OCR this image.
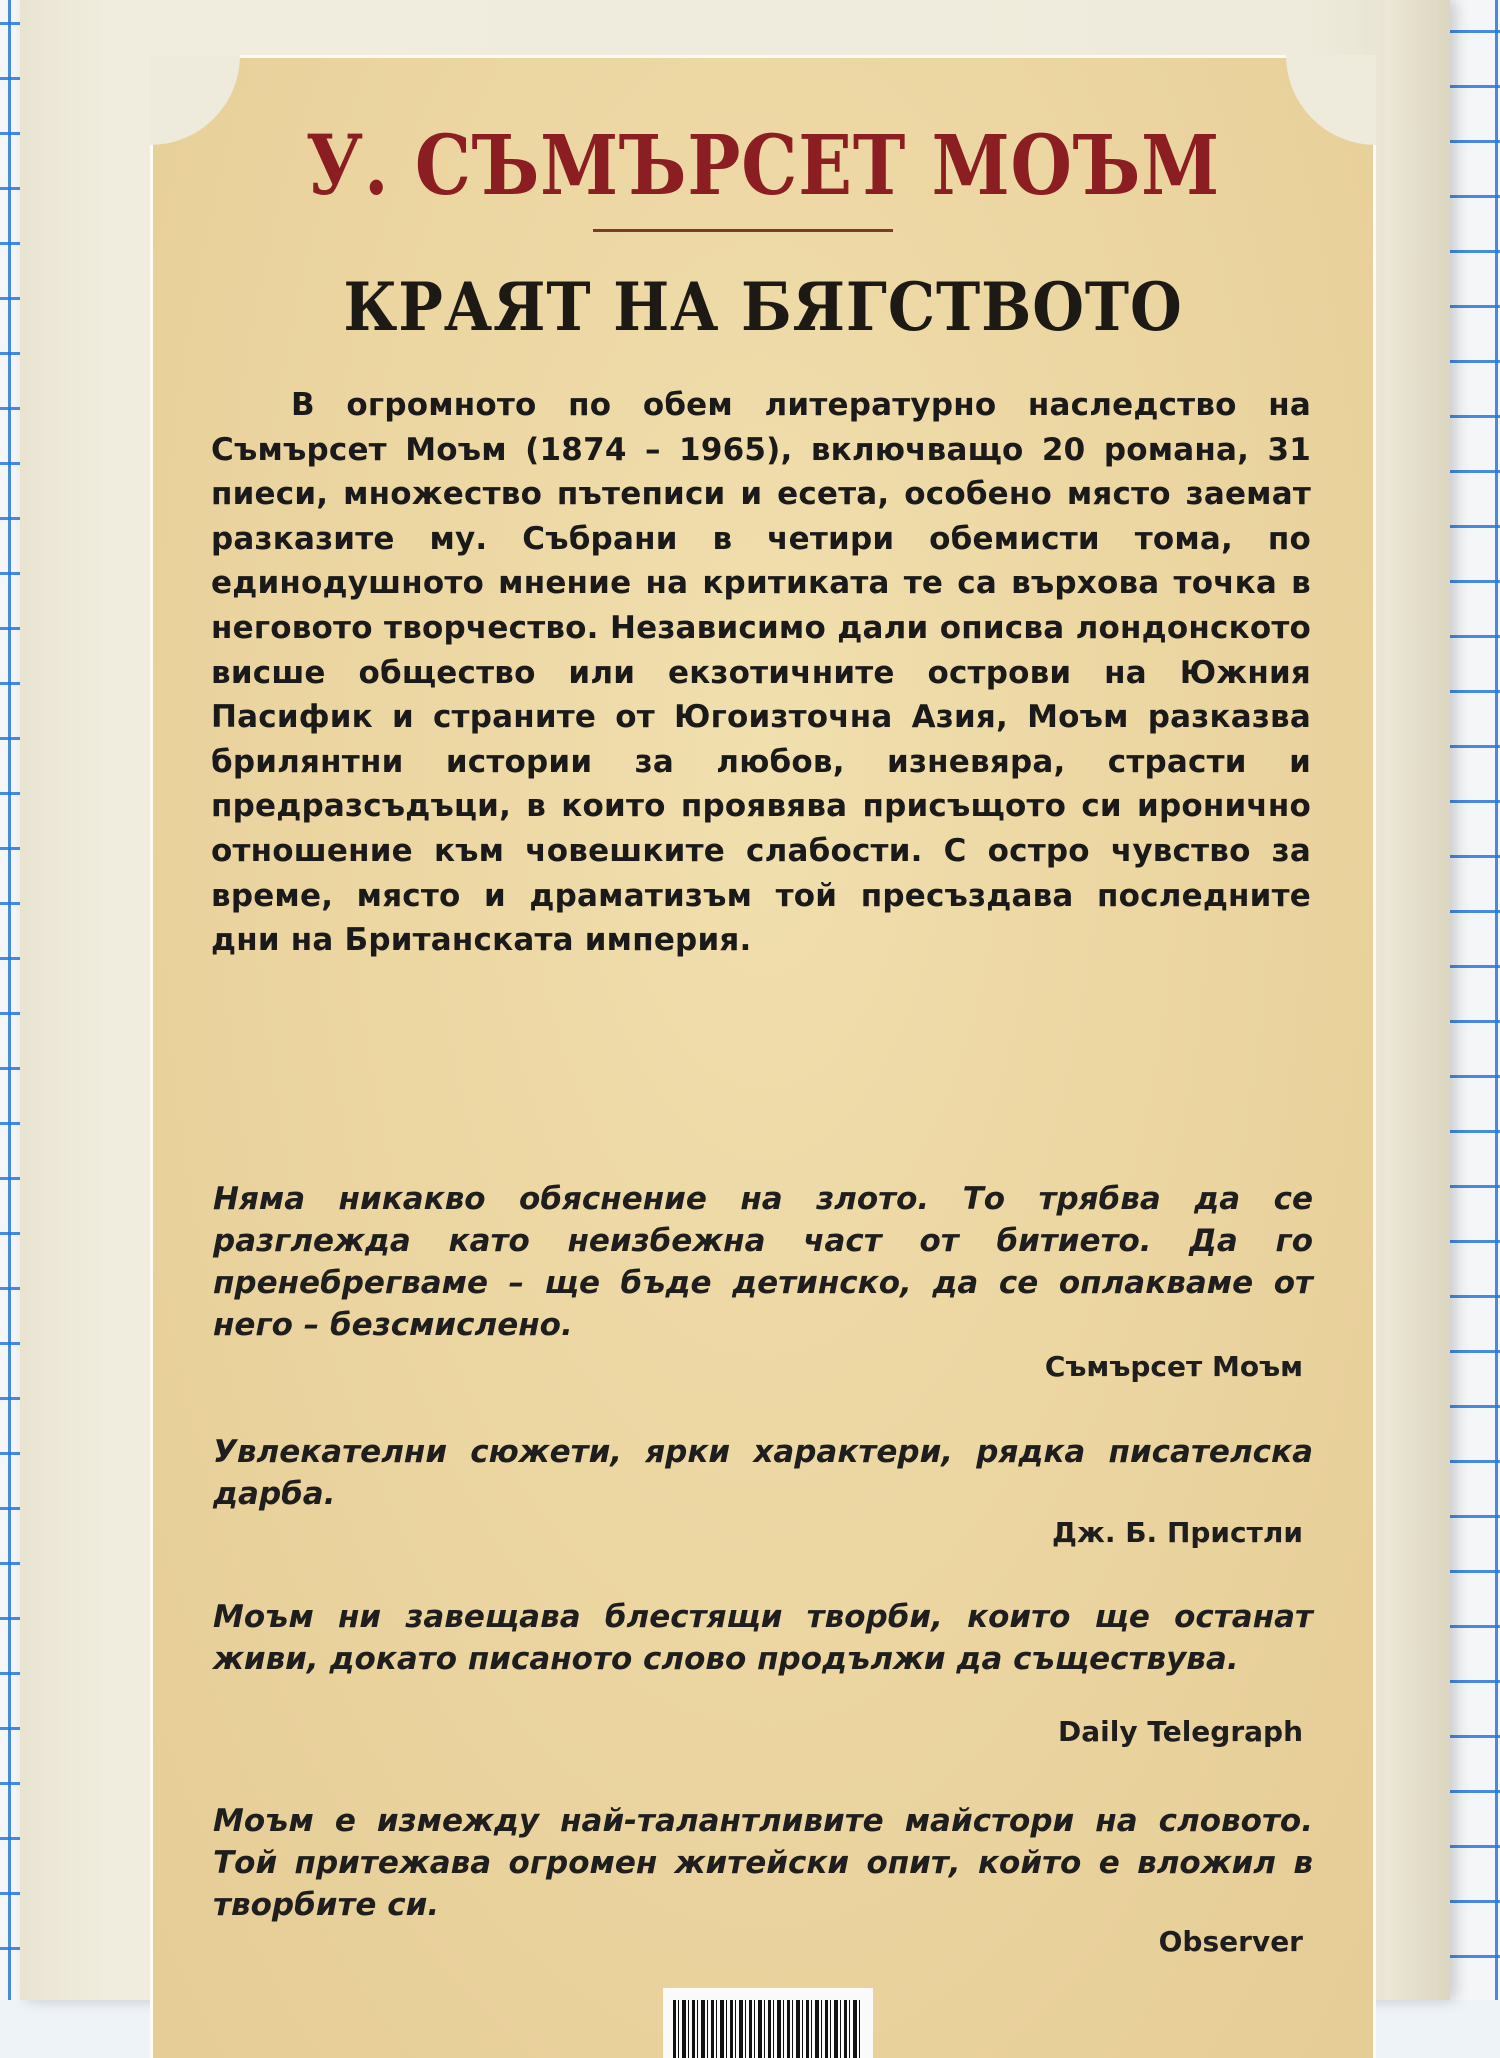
У. СЪМЪРСЕТ МОЪМ
КРАЯТ НА БЯГСТВОТО
В огромното по обем литературно наследство на Съмърсет Моъм (1874 – 1965), включващо 20 романа, 31 пиеси, множество пътеписи и есета, особено място заемат разказите му. Събрани в четири обемисти тома, по единодушното мнение на критиката те са върхова точка в неговото творчество. Независимо дали описва лондонското висше общество или екзотичните острови на Южния Пасифик и страните от Югоизточна Азия, Моъм разказва брилянтни истории за любов, изневяра, страсти и предразсъдъци, в които проявява присъщото си иронично отношение към човешките слабости. С остро чувство за време, място и драматизъм той пресъздава последните дни на Британската империя.
Няма никакво обяснение на злото. То трябва да се разглежда като неизбежна част от битието. Да го пренебрегваме – ще бъде детинско, да се оплакваме от него – безсмислено.
Съмърсет Моъм
Увлекателни сюжети, ярки характери, рядка писателска дарба.
Дж. Б. Пристли
Моъм ни завещава блестящи творби, които ще останат живи, докато писаното слово продължи да съществува.
Daily Telegraph
Моъм е измежду най-талантливите майстори на словото. Той притежава огромен житейски опит, който е вложил в творбите си.
Observer
